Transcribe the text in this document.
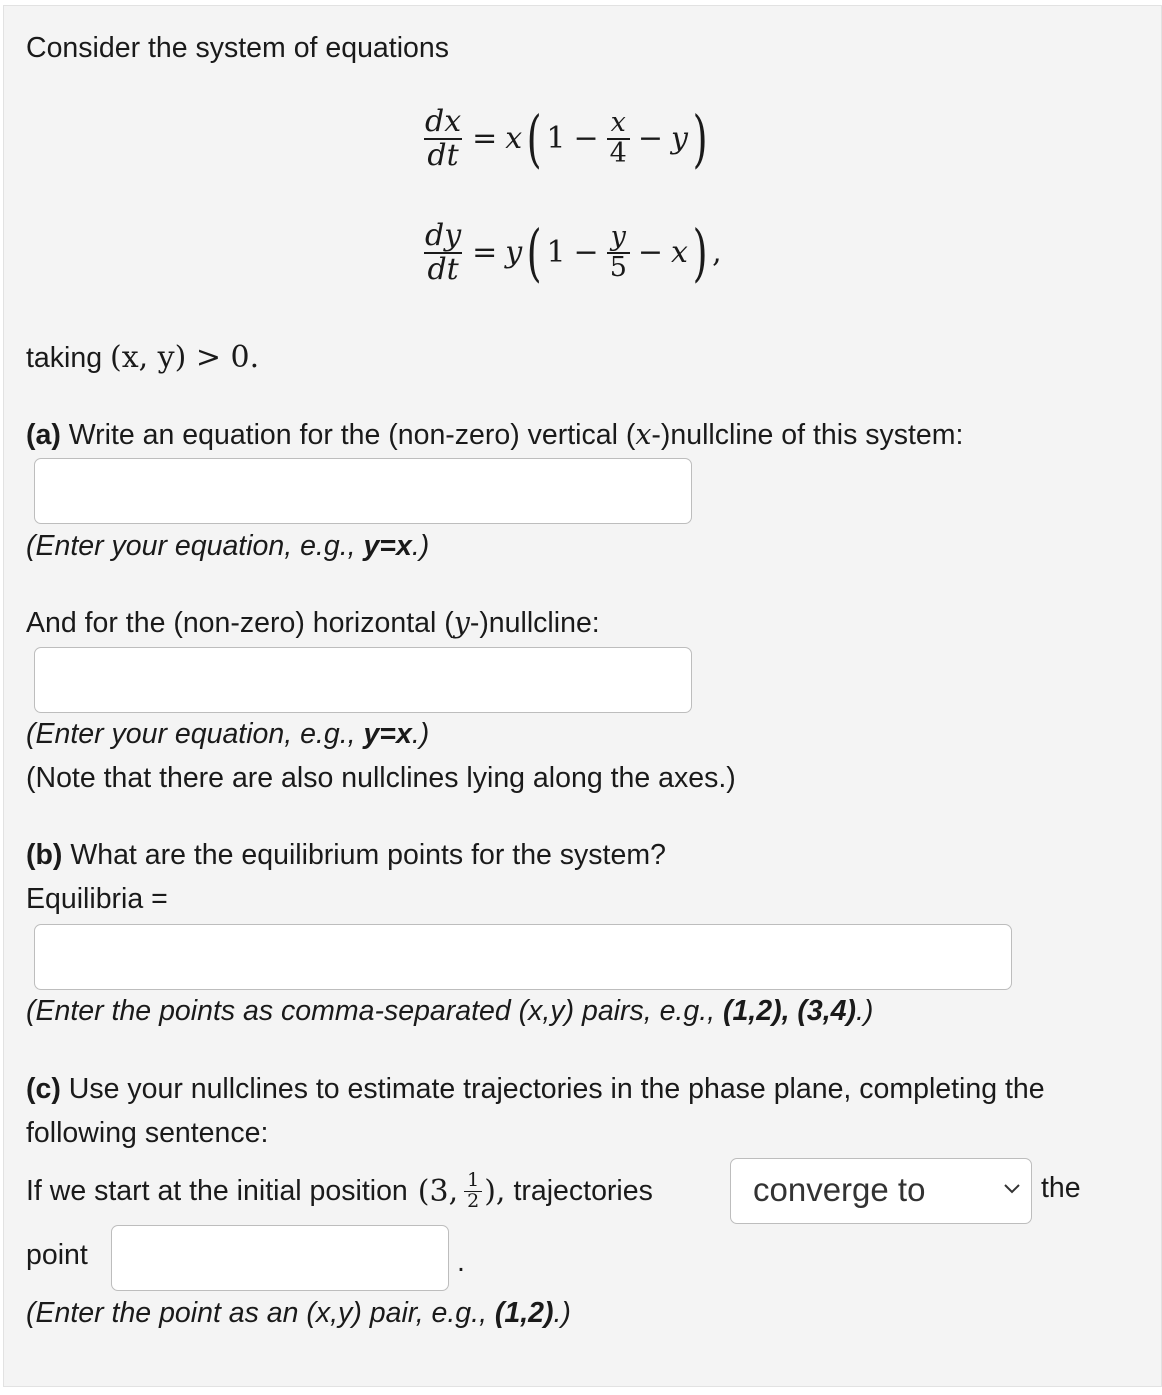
Consider the system of equations
$\frac{dx}{dt} = x$ ( $1 - \frac{x}{4} - y$ )
$\frac{dy}{dt} = y$ ( $1 - \frac{y}{5} - x$ ) ,
taking (x, y) > 0.
(a) Write an equation for the (non-zero) vertical (x-)nullcline of this system:
(Enter your equation, e.g., y=x.)
And for the (non-zero) horizontal (y-)nullcline:
(Enter your equation, e.g., y=x.)
(Note that there are also nullclines lying along the axes.)
(b) What are the equilibrium points for the system?
Equilibria =
(Enter the points as comma-separated (x,y) pairs, e.g., (1,2), (3,4).)
(c) Use your nullclines to estimate trajectories in the phase plane, completing the
following sentence:
If we start at the initial position (3, $\frac{1}{2}$ ), trajectories	converge to	the
point	.
(Enter the point as an (x,y) pair, e.g., (1,2).)
